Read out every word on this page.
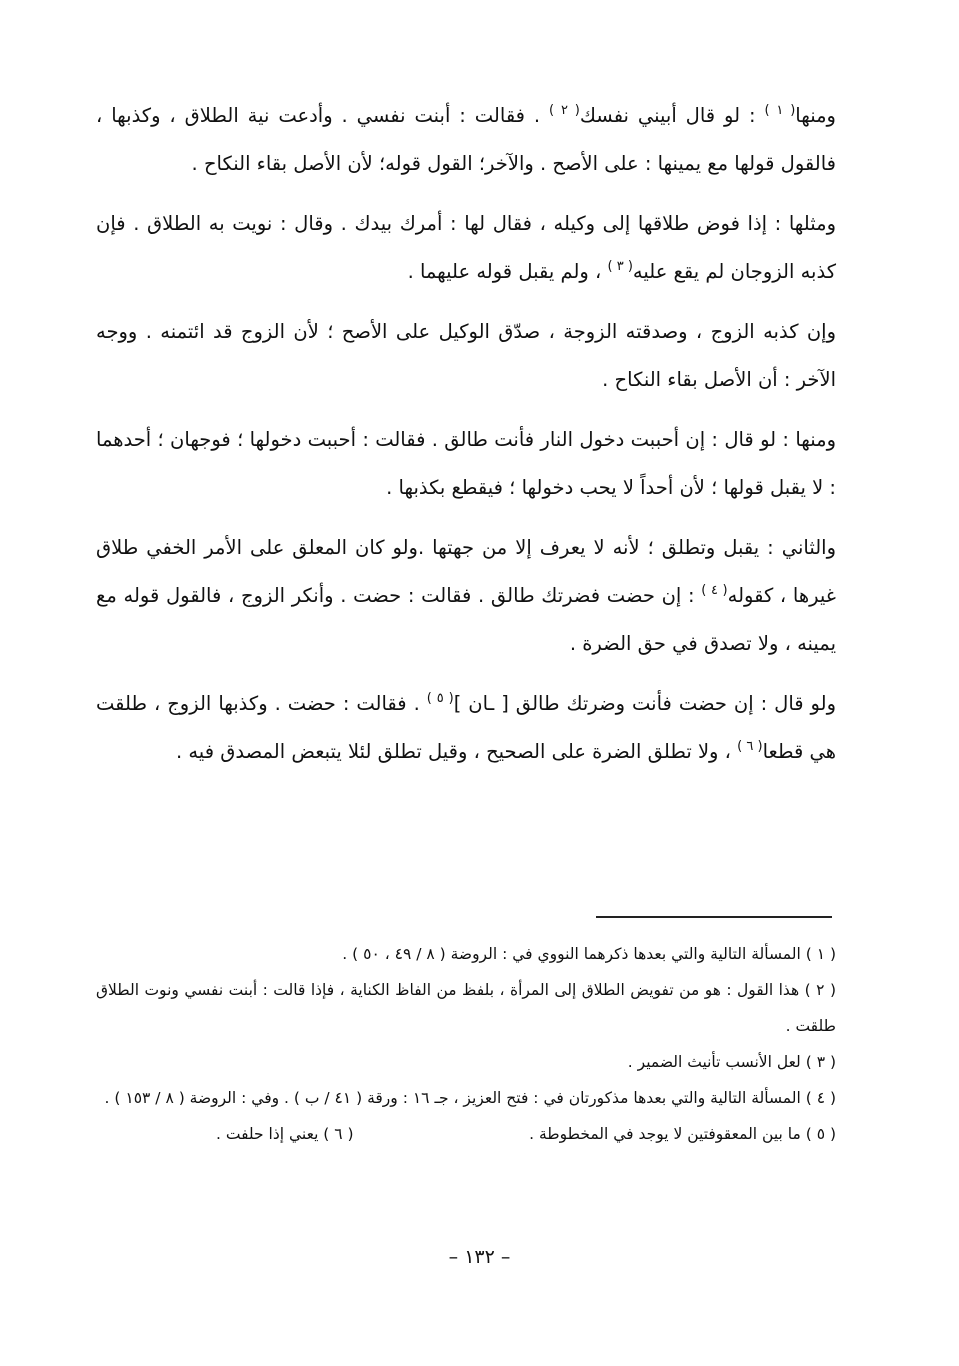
ومنها$^{( ١ )}$ : لو قال أبيني نفسك$^{( ٢ )}$ . فقالت : أبنت نفسي . وأدعت نية الطلاق ، وكذبها ، فالقول قولها مع يمينها : على الأصح . والآخر؛ القول قوله؛ لأن الأصل بقاء النكاح .

ومثلها : إذا فوض طلاقها إلى وكيله ، فقال لها : أمرك بيدك . وقال : نويت به الطلاق . فإن كذبه الزوجان لم يقع عليه$^{( ٣ )}$ ، ولم يقبل قوله عليهما .

وإن كذبه الزوج ، وصدقته الزوجة ، صدّق الوكيل على الأصح ؛ لأن الزوج قد ائتمنه . ووجه الآخر : أن الأصل بقاء النكاح .

ومنها : لو قال : إن أحببت دخول النار فأنت طالق . فقالت : أحببت دخولها ؛ فوجهان ؛ أحدهما : لا يقبل قولها ؛ لأن أحداً لا يحب دخولها ؛ فيقطع بكذبها .

والثاني : يقبل وتطلق ؛ لأنه لا يعرف إلا من جهتها .ولو كان المعلق على الأمر الخفي طلاق غيرها ، كقوله$^{( ٤ )}$ : إن حضت فضرتك طالق . فقالت : حضت . وأنكر الزوج ، فالقول قوله مع يمينه ، ولا تصدق في حق الضرة .

ولو قال : إن حضت فأنت وضرتك طالق [ ـان ]$^{( ٥ )}$ . فقالت : حضت . وكذبها الزوج ، طلقت هي قطعا$^{( ٦ )}$ ، ولا تطلق الضرة على الصحيح ، وقيل تطلق لئلا يتبعض المصدق فيه .

( ١ ) المسألة التالية والتي بعدها ذكرهما النووي في : الروضة ( ٨ / ٤٩ ، ٥٠ ) .

( ٢ ) هذا القول : هو من تفويض الطلاق إلى المرأة ، بلفظ من الفاظ الكناية ، فإذا قالت : أبنت نفسي ونوت الطلاق طلقت .

( ٣ ) لعل الأنسب تأنيث الضمير .

( ٤ ) المسألة التالية والتي بعدها مذكورتان في : فتح العزيز ، جـ ١٦ : ورقة ( ٤١ / ب ) . وفي : الروضة ( ٨ / ١٥٣ ) .

( ٥ ) ما بين المعقوفتين لا يوجد في المخطوطة .
( ٦ ) يعني إذا حلفت .
– ١٣٢ –
